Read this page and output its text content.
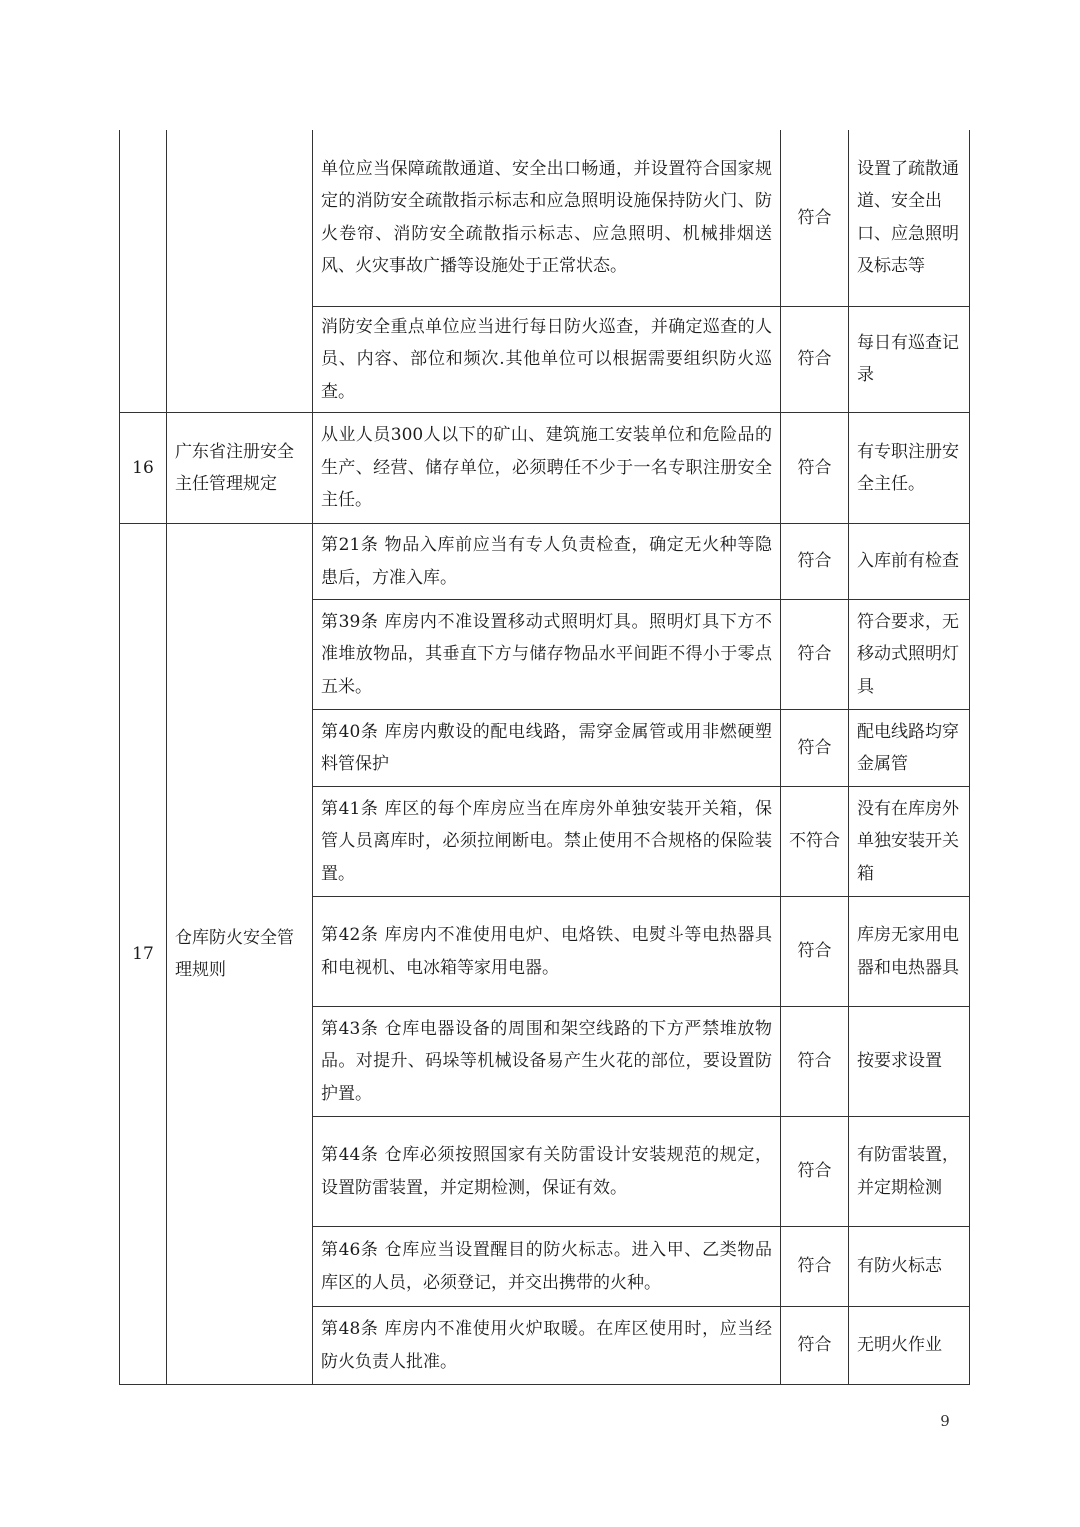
		单位应当保障疏散通道、安全出口畅通，并设置符合国家规定的消防安全疏散指示标志和应急照明设施保持防火门、防火卷帘、消防安全疏散指示标志、应急照明、机械排烟送风、火灾事故广播等设施处于正常状态。	符合	设置了疏散通道、安全出口、应急照明及标志等
		消防安全重点单位应当进行每日防火巡查，并确定巡查的人员、内容、部位和频次.其他单位可以根据需要组织防火巡查。	符合	每日有巡查记录
16	广东省注册安全主任管理规定	从业人员300人以下的矿山、建筑施工安装单位和危险品的生产、经营、储存单位，必须聘任不少于一名专职注册安全主任。	符合	有专职注册安全主任。
17	仓库防火安全管理规则	第21条 物品入库前应当有专人负责检查，确定无火种等隐患后，方准入库。	符合	入库前有检查
		第39条 库房内不准设置移动式照明灯具。照明灯具下方不准堆放物品，其垂直下方与储存物品水平间距不得小于零点五米。	符合	符合要求，无移动式照明灯具
		第40条 库房内敷设的配电线路，需穿金属管或用非燃硬塑料管保护	符合	配电线路均穿金属管
		第41条 库区的每个库房应当在库房外单独安装开关箱，保管人员离库时，必须拉闸断电。禁止使用不合规格的保险装置。	不符合	没有在库房外单独安装开关箱
		第42条 库房内不准使用电炉、电烙铁、电熨斗等电热器具和电视机、电冰箱等家用电器。	符合	库房无家用电器和电热器具
		第43条 仓库电器设备的周围和架空线路的下方严禁堆放物品。对提升、码垛等机械设备易产生火花的部位，要设置防护置。	符合	按要求设置
		第44条 仓库必须按照国家有关防雷设计安装规范的规定，设置防雷装置，并定期检测，保证有效。	符合	有防雷装置，并定期检测
		第46条 仓库应当设置醒目的防火标志。进入甲、乙类物品库区的人员，必须登记，并交出携带的火种。	符合	有防火标志
		第48条 库房内不准使用火炉取暖。在库区使用时，应当经防火负责人批准。	符合	无明火作业
9
